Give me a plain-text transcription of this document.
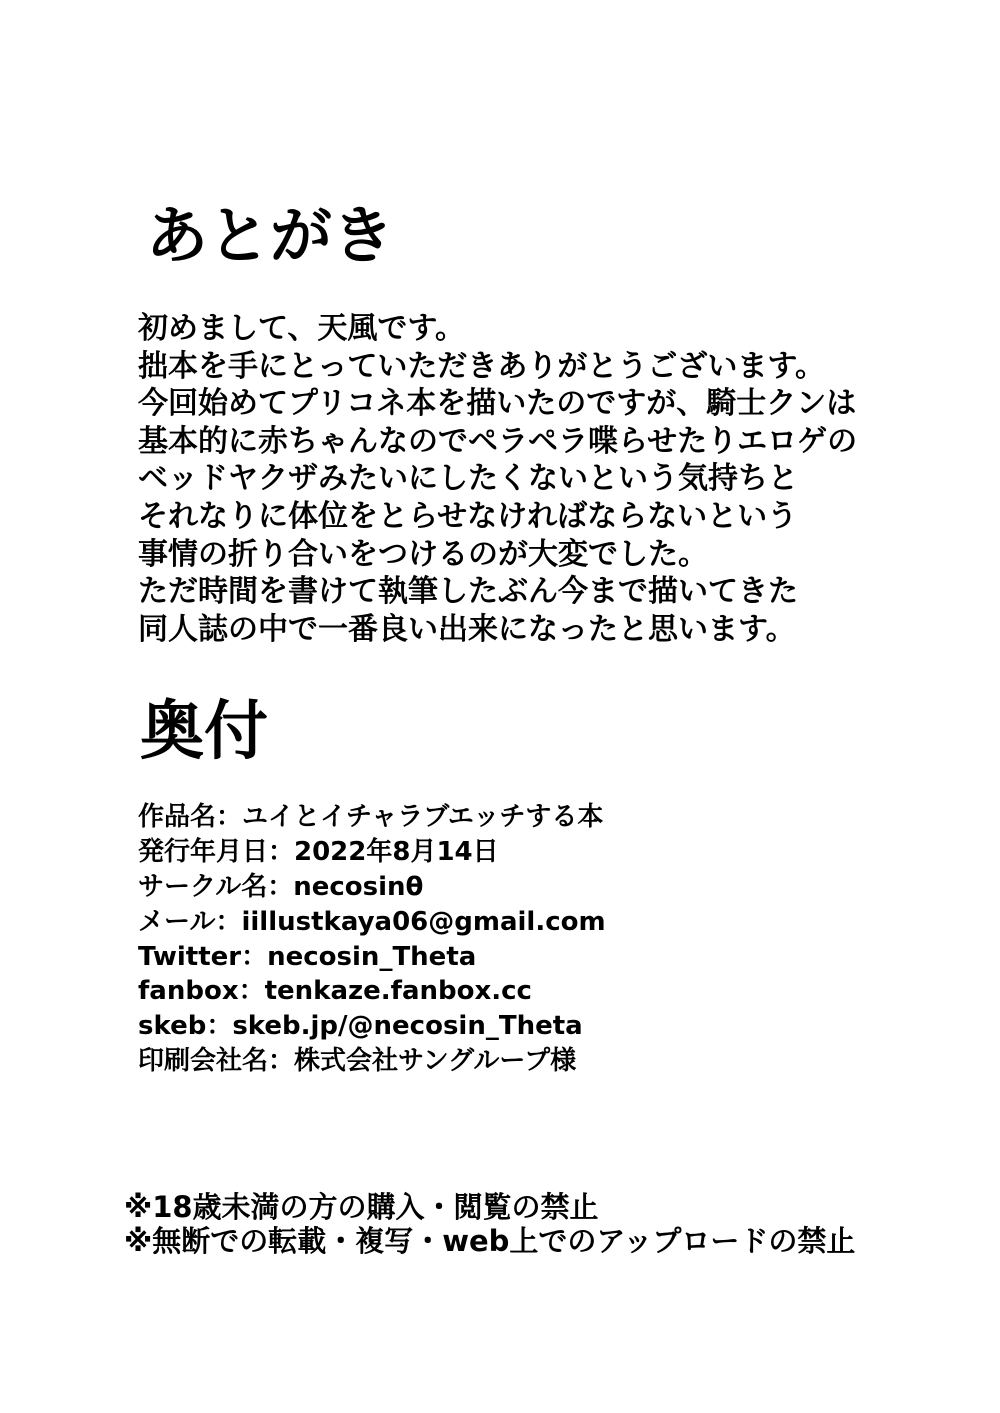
あとがき
初めまして、天風です。
拙本を手にとっていただきありがとうございます。
今回始めてプリコネ本を描いたのですが、騎士クンは
基本的に赤ちゃんなのでペラペラ喋らせたりエロゲの
ベッドヤクザみたいにしたくないという気持ちと
それなりに体位をとらせなければならないという
事情の折り合いをつけるのが大変でした。
ただ時間を書けて執筆したぶん今まで描いてきた
同人誌の中で一番良い出来になったと思います。
奥付
作品名：ユイとイチャラブエッチする本
発行年月日：2022年8月14日
サークル名：necosinθ
メール：iillustkaya06@gmail.com
Twitter：necosin_Theta
fanbox：tenkaze.fanbox.cc
skeb：skeb.jp/@necosin_Theta
印刷会社名：株式会社サングループ様
※18歳未満の方の購入・閲覧の禁止
※無断での転載・複写・web上でのアップロードの禁止
